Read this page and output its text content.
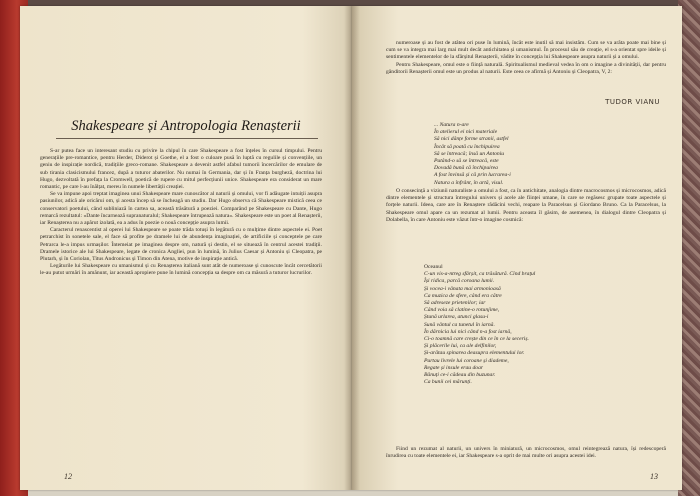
TUDOR VIANU
Shakespeare și Antropologia Renașterii

S-ar putea face un interesant studiu cu privire la chipul în care Shakespeare a fost înțeles în cursul timpului. Pentru generațiile pre-romantice, pentru Herder, Diderot și Goethe, el a fost o culoare pusă în luptă cu regulile și convențiile, un geniu de inspirație nordică, tradițiile greco-romane. Shakespeare a devenit astfel afabul tumorii încercărilor de emulare de sub tirania clasicismului francez, după a tuturor abaterilor. Nu numai în Germania, dar și în Franța burgheză, doctrina lui Hugo, dezvoltată în prefața la Cromwell, poetică de rupere cu mitul perfecțiunii unice. Shakespeare era considerat un mare romantic, pe care l-au înălțat, mereu în numele libertății creației.

Se va impune apoi treptat imaginea unui Shakespeare mare cunoscător al naturii și omului, vor fi adăugate intuiții asupra pasiunilor, adică ale oricărui om, și acesta încep să se încheagă un studiu. Dar Hugo observa că Shakespeare mistică ceea ce conservatori poetului, când subliniază în cartea sa, această trăsătură a poeziei. Comparând pe Shakespeare cu Dante, Hugo remarcă rezultatul: «Dante încarnează supranaturalul; Shakespeare întrupează natura». Shakespeare este un poet al Renașterii, iar Renașterea nu a apărut izolată, ea a adus în poezie o nouă concepție asupra lumii.

Caracterul renascentist al operei lui Shakespeare se poate trăda totuși în legătură cu o mulțime dintre aspectele ei. Poet petrarchist în sonetele sale, el face să profite pe dramele lui de abundența imaginației, de artificiile și conceptele pe care Petrarca le-a impus urmașilor. Întemeiat pe imaginea despre om, natură și destin, el se situează în centrul acestei tradiții. Dramele istorice ale lui Shakespeare, legate de cronica Angliei, pun în lumină, în Julius Caesar și Antoniu și Cleopatra, pe Plutarh, și în Coriolan, Titus Andronicus și Timon din Atena, motive de inspirație antică.

Legăturile lui Shakespeare cu umanismul și cu Renașterea italiană sunt atât de numeroase și cunoscute încât cercetătorii le-au putut urmări în amănunt, iar această apropiere pune în lumină concepția sa despre om ca măsură a tuturor lucrurilor.

12

numeroase și au fost de atâtea ori puse în lumină, încât este inutil să mai insistăm. Cum se va arăta poate mai bine și cum se va integra mai larg mai mult decât antichitatea și umanismul. În procesul său de creație, el s-a orientat spre ideile și sentimentele elementelor de la sfârșitul Renașterii, vădite în concepția lui Shakespeare asupra naturii și a omului.

Pentru Shakespeare, omul este o ființă naturală. Spiritualismul medieval vedea în om o imagine a divinității, dar pentru gânditorii Renașterii omul este un produs al naturii. Este ceea ce afirmă și Antoniu și Cleopatra, V, 2:

... Natura n-are
În atelierul ei nici materiale
Să nici dănțe forme stranii, astfel
Încât să poată cu închipuirea
Să se întreacă; însă un Antoniu
Putând-o să se întreacă, este
Dovadă bună că închipuirea
A fost învinsă și că prin lucrarea-i
Natura a înfrânt, în artă, visul.

O consecință a viziunii naturaliste a omului a fost, ca în antichitate, analogia dintre macrocosmos și microcosmos, adică dintre elementele și structura întregului univers și acele ale ființei umane, în care se regăsesc grupate toate aspectele și forțele naturii. Ideea, care are în Renaștere rădăcini vechi, reapare la Paracelsus și Giordano Bruno. Ca la Paracelsus, la Shakespeare omul apare ca un rezumat al lumii. Pentru aceasta îl găsim, de asemenea, în dialogul dintre Cleopatra și Dolabella, în care Antoniu este văzut într-o imagine cosmică:

Oceanul
C-un vis-a-ntreg sfârșit, ca trăsătură. Cînd brațul
Își ridica, parcă coroana lumii.
Și vocea-i vânata mai armonioasă
Ca muzica de sfere, când era către
Să adreseze prietenilor; iar
Când voia să clatine-o rotunjime,
Ștună urlarea, atunci glasu-i
Sună vântul ca tunetul în iarnă.
În dărnicia lui nici când n-a fost iarnă,
Ci-o toamnă care crește din ce în ce la seceriș.
Și plăcerile lui, ca ale delfinilor,
Și-arătau spinarea deasupra elementului lor.
Purtau livrele lui coroane și diademe,
Regate și insule erau doar
Bănuți ce-i cădeau din buzunar.
Ca bunii cei mărunți.

Fiind un rezumat al naturii, un univers în miniatură, un microcosmos, omul reintegrează natura, își redescoperă înrudirea cu toate elementele ei, iar Shakespeare s-a oprit de mai multe ori asupra acestei idei.

13
